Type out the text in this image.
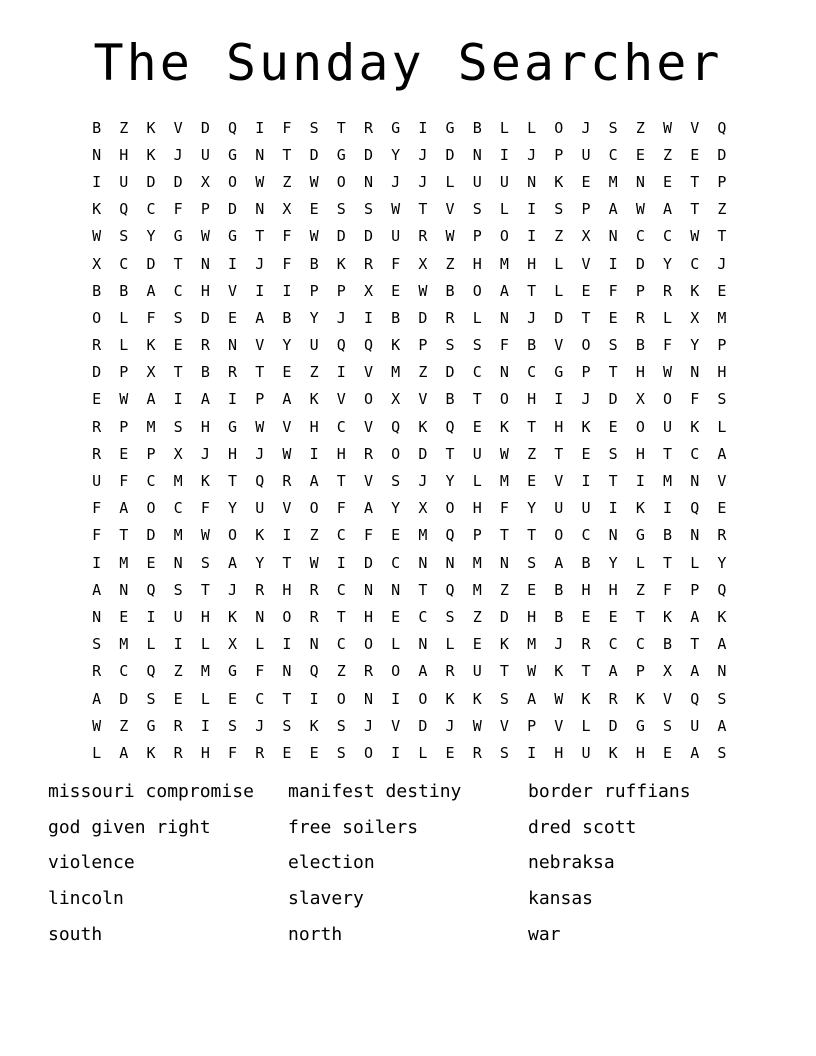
The Sunday Searcher
B	Z	K	V	D	Q	I	F	S	T	R	G	I	G	B	L	L	O	J	S	Z	W	V	Q
N	H	K	J	U	G	N	T	D	G	D	Y	J	D	N	I	J	P	U	C	E	Z	E	D
I	U	D	D	X	O	W	Z	W	O	N	J	J	L	U	U	N	K	E	M	N	E	T	P
K	Q	C	F	P	D	N	X	E	S	S	W	T	V	S	L	I	S	P	A	W	A	T	Z
W	S	Y	G	W	G	T	F	W	D	D	U	R	W	P	O	I	Z	X	N	C	C	W	T
X	C	D	T	N	I	J	F	B	K	R	F	X	Z	H	M	H	L	V	I	D	Y	C	J
B	B	A	C	H	V	I	I	P	P	X	E	W	B	O	A	T	L	E	F	P	R	K	E
O	L	F	S	D	E	A	B	Y	J	I	B	D	R	L	N	J	D	T	E	R	L	X	M
R	L	K	E	R	N	V	Y	U	Q	Q	K	P	S	S	F	B	V	O	S	B	F	Y	P
D	P	X	T	B	R	T	E	Z	I	V	M	Z	D	C	N	C	G	P	T	H	W	N	H
E	W	A	I	A	I	P	A	K	V	O	X	V	B	T	O	H	I	J	D	X	O	F	S
R	P	M	S	H	G	W	V	H	C	V	Q	K	Q	E	K	T	H	K	E	O	U	K	L
R	E	P	X	J	H	J	W	I	H	R	O	D	T	U	W	Z	T	E	S	H	T	C	A
U	F	C	M	K	T	Q	R	A	T	V	S	J	Y	L	M	E	V	I	T	I	M	N	V
F	A	O	C	F	Y	U	V	O	F	A	Y	X	O	H	F	Y	U	U	I	K	I	Q	E
F	T	D	M	W	O	K	I	Z	C	F	E	M	Q	P	T	T	O	C	N	G	B	N	R
I	M	E	N	S	A	Y	T	W	I	D	C	N	N	M	N	S	A	B	Y	L	T	L	Y
A	N	Q	S	T	J	R	H	R	C	N	N	T	Q	M	Z	E	B	H	H	Z	F	P	Q
N	E	I	U	H	K	N	O	R	T	H	E	C	S	Z	D	H	B	E	E	T	K	A	K
S	M	L	I	L	X	L	I	N	C	O	L	N	L	E	K	M	J	R	C	C	B	T	A
R	C	Q	Z	M	G	F	N	Q	Z	R	O	A	R	U	T	W	K	T	A	P	X	A	N
A	D	S	E	L	E	C	T	I	O	N	I	O	K	K	S	A	W	K	R	K	V	Q	S
W	Z	G	R	I	S	J	S	K	S	J	V	D	J	W	V	P	V	L	D	G	S	U	A
L	A	K	R	H	F	R	E	E	S	O	I	L	E	R	S	I	H	U	K	H	E	A	S
missouri compromise	manifest destiny	border ruffians
god given right	free soilers	dred scott
violence	election	nebraksa
lincoln	slavery	kansas
south	north	war
